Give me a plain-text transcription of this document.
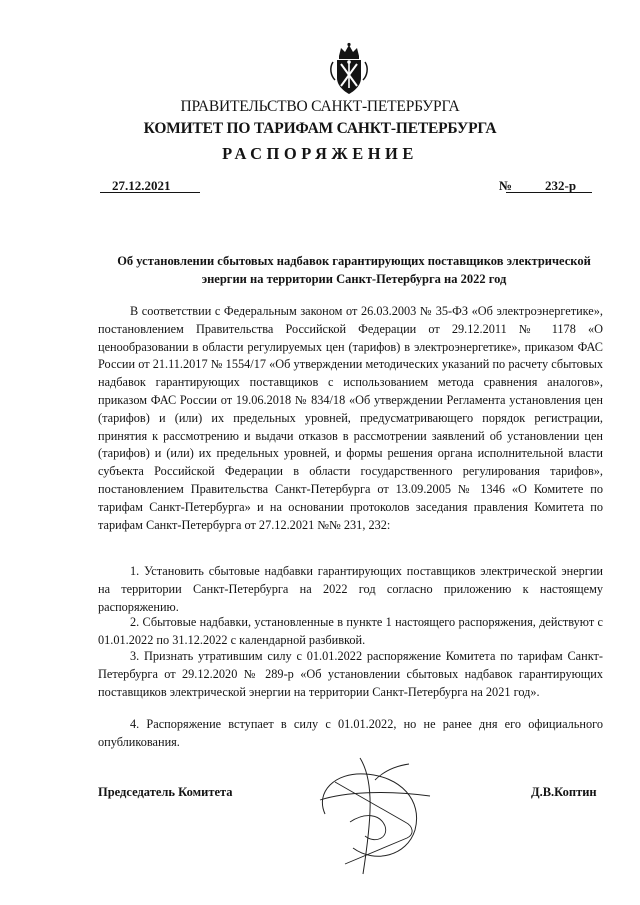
ПРАВИТЕЛЬСТВО САНКТ-ПЕТЕРБУРГА
КОМИТЕТ ПО ТАРИФАМ САНКТ-ПЕТЕРБУРГА
РАСПОРЯЖЕНИЕ
27.12.2021	№	232-р
Об установлении сбытовых надбавок гарантирующих поставщиков электрической энергии на территории Санкт-Петербурга на 2022 год
В соответствии с Федеральным законом от 26.03.2003 № 35-ФЗ «Об электроэнергетике», постановлением Правительства Российской Федерации от 29.12.2011 № 1178 «О ценообразовании в области регулируемых цен (тарифов) в электроэнергетике», приказом ФАС России от 21.11.2017 № 1554/17 «Об утверждении методических указаний по расчету сбытовых надбавок гарантирующих поставщиков с использованием метода сравнения аналогов», приказом ФАС России от 19.06.2018 № 834/18 «Об утверждении Регламента установления цен (тарифов) и (или) их предельных уровней, предусматривающего порядок регистрации, принятия к рассмотрению и выдачи отказов в рассмотрении заявлений об установлении цен (тарифов) и (или) их предельных уровней, и формы решения органа исполнительной власти субъекта Российской Федерации в области государственного регулирования тарифов», постановлением Правительства Санкт-Петербурга от 13.09.2005 № 1346 «О Комитете по тарифам Санкт-Петербурга» и на основании протоколов заседания правления Комитета по тарифам Санкт-Петербурга от 27.12.2021 №№ 231, 232:
1. Установить сбытовые надбавки гарантирующих поставщиков электрической энергии на территории Санкт-Петербурга на 2022 год согласно приложению к настоящему распоряжению.
2. Сбытовые надбавки, установленные в пункте 1 настоящего распоряжения, действуют с 01.01.2022 по 31.12.2022 с календарной разбивкой.
3. Признать утратившим силу с 01.01.2022 распоряжение Комитета по тарифам Санкт-Петербурга от 29.12.2020 № 289-р «Об установлении сбытовых надбавок гарантирующих поставщиков электрической энергии на территории Санкт-Петербурга на 2021 год».
4. Распоряжение вступает в силу с 01.01.2022, но не ранее дня его официального опубликования.
Председатель Комитета	Д.В.Коптин
